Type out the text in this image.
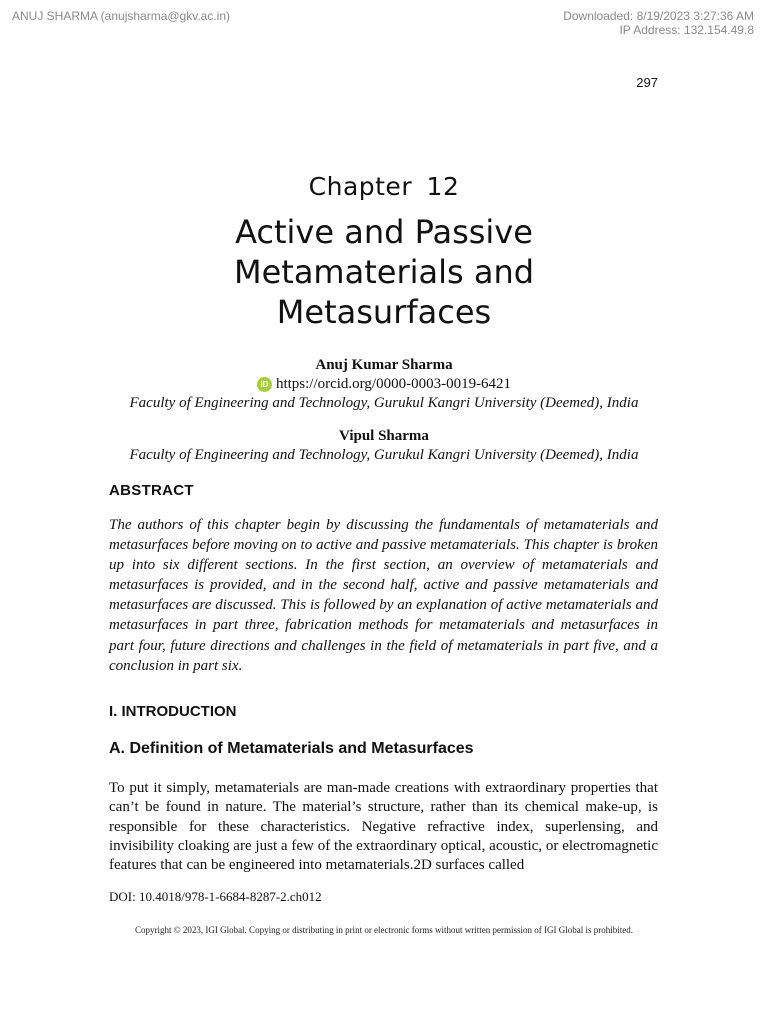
ANUJ SHARMA (anujsharma@gkv.ac.in)	Downloaded: 8/19/2023 3:27:36 AM
IP Address: 132.154.49.8
297
Chapter 12
Active and Passive
Metamaterials and
Metasurfaces
Anuj Kumar Sharma
iD https://orcid.org/0000-0003-0019-6421
Faculty of Engineering and Technology, Gurukul Kangri University (Deemed), India
Vipul Sharma
Faculty of Engineering and Technology, Gurukul Kangri University (Deemed), India
ABSTRACT
The authors of this chapter begin by discussing the fundamentals of metamaterials and metasurfaces before moving on to active and passive metamaterials. This chapter is broken up into six different sections. In the first section, an overview of metamaterials and metasurfaces is provided, and in the second half, active and passive metamaterials and metasurfaces are discussed. This is followed by an explanation of active metamaterials and metasurfaces in part three, fabrication methods for metamaterials and metasurfaces in part four, future directions and challenges in the field of metamaterials in part five, and a conclusion in part six.
I. INTRODUCTION
A. Definition of Metamaterials and Metasurfaces
To put it simply, metamaterials are man-made creations with extraordinary properties that can’t be found in nature. The material’s structure, rather than its chemical make-up, is responsible for these characteristics. Negative refractive index, superlensing, and invisibility cloaking are just a few of the extraordinary optical, acoustic, or electromagnetic features that can be engineered into metamaterials.2D surfaces called
DOI: 10.4018/978-1-6684-8287-2.ch012
Copyright © 2023, IGI Global. Copying or distributing in print or electronic forms without written permission of IGI Global is prohibited.
